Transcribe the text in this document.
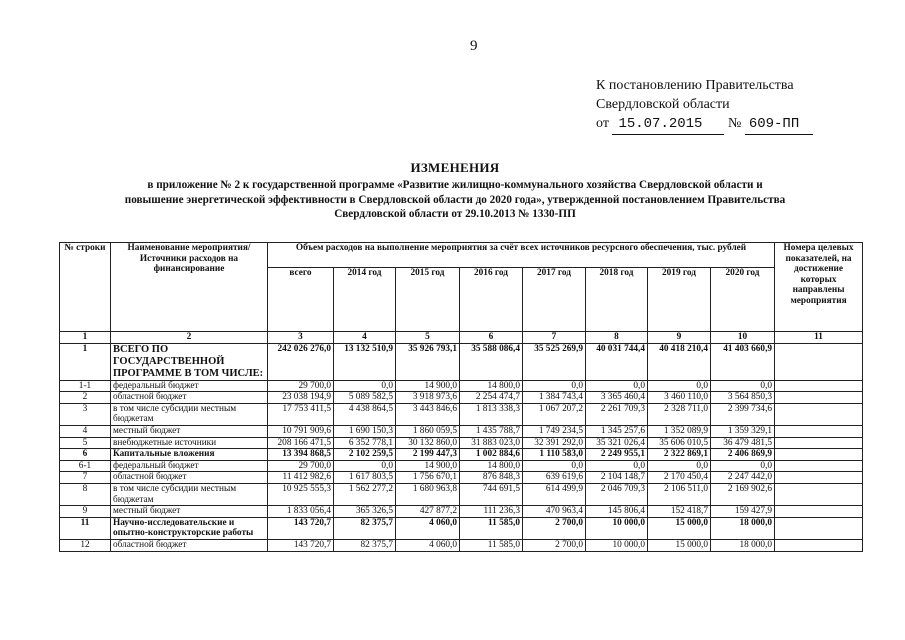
9
К постановлению Правительства
Свердловской области
от 15.07.2015 № 609-ПП
ИЗМЕНЕНИЯ
в приложение № 2 к государственной программе «Развитие жилищно-коммунального хозяйства Свердловской области и
повышение энергетической эффективности в Свердловской области до 2020 года», утвержденной постановлением Правительства
Свердловской области от 29.10.2013 № 1330-ПП
№ строки	Наименование мероприятия/Источники расходов на финансирование	Объем расходов на выполнение мероприятия за счёт всех источников ресурсного обеспечения, тыс. рублей								Номера целевых показателей, на достижение которых направлены мероприятия
		всего	2014 год	2015 год	2016 год	2017 год	2018 год	2019 год	2020 год	
1	2	3	4	5	6	7	8	9	10	11
1	ВСЕГО ПО ГОСУДАРСТВЕННОЙ ПРОГРАММЕ В ТОМ ЧИСЛЕ:	242 026 276,0	13 132 510,9	35 926 793,1	35 588 086,4	35 525 269,9	40 031 744,4	40 418 210,4	41 403 660,9	
1-1	федеральный бюджет	29 700,0	0,0	14 900,0	14 800,0	0,0	0,0	0,0	0,0	
2	областной бюджет	23 038 194,9	5 089 582,5	3 918 973,6	2 254 474,7	1 384 743,4	3 365 460,4	3 460 110,0	3 564 850,3	
3	в том числе субсидии местным бюджетам	17 753 411,5	4 438 864,5	3 443 846,6	1 813 338,3	1 067 207,2	2 261 709,3	2 328 711,0	2 399 734,6	
4	местный бюджет	10 791 909,6	1 690 150,3	1 860 059,5	1 435 788,7	1 749 234,5	1 345 257,6	1 352 089,9	1 359 329,1	
5	внебюджетные источники	208 166 471,5	6 352 778,1	30 132 860,0	31 883 023,0	32 391 292,0	35 321 026,4	35 606 010,5	36 479 481,5	
6	Капитальные вложения	13 394 868,5	2 102 259,5	2 199 447,3	1 002 884,6	1 110 583,0	2 249 955,1	2 322 869,1	2 406 869,9	
6-1	федеральный бюджет	29 700,0	0,0	14 900,0	14 800,0	0,0	0,0	0,0	0,0	
7	областной бюджет	11 412 982,6	1 617 803,5	1 756 670,1	876 848,3	639 619,6	2 104 148,7	2 170 450,4	2 247 442,0	
8	в том числе субсидии местным бюджетам	10 925 555,3	1 562 277,2	1 680 963,8	744 691,5	614 499,9	2 046 709,3	2 106 511,0	2 169 902,6	
9	местный бюджет	1 833 056,4	365 326,5	427 877,2	111 236,3	470 963,4	145 806,4	152 418,7	159 427,9	
11	Научно-исследовательские и опытно-конструкторские работы	143 720,7	82 375,7	4 060,0	11 585,0	2 700,0	10 000,0	15 000,0	18 000,0	
12	областной бюджет	143 720,7	82 375,7	4 060,0	11 585,0	2 700,0	10 000,0	15 000,0	18 000,0	
